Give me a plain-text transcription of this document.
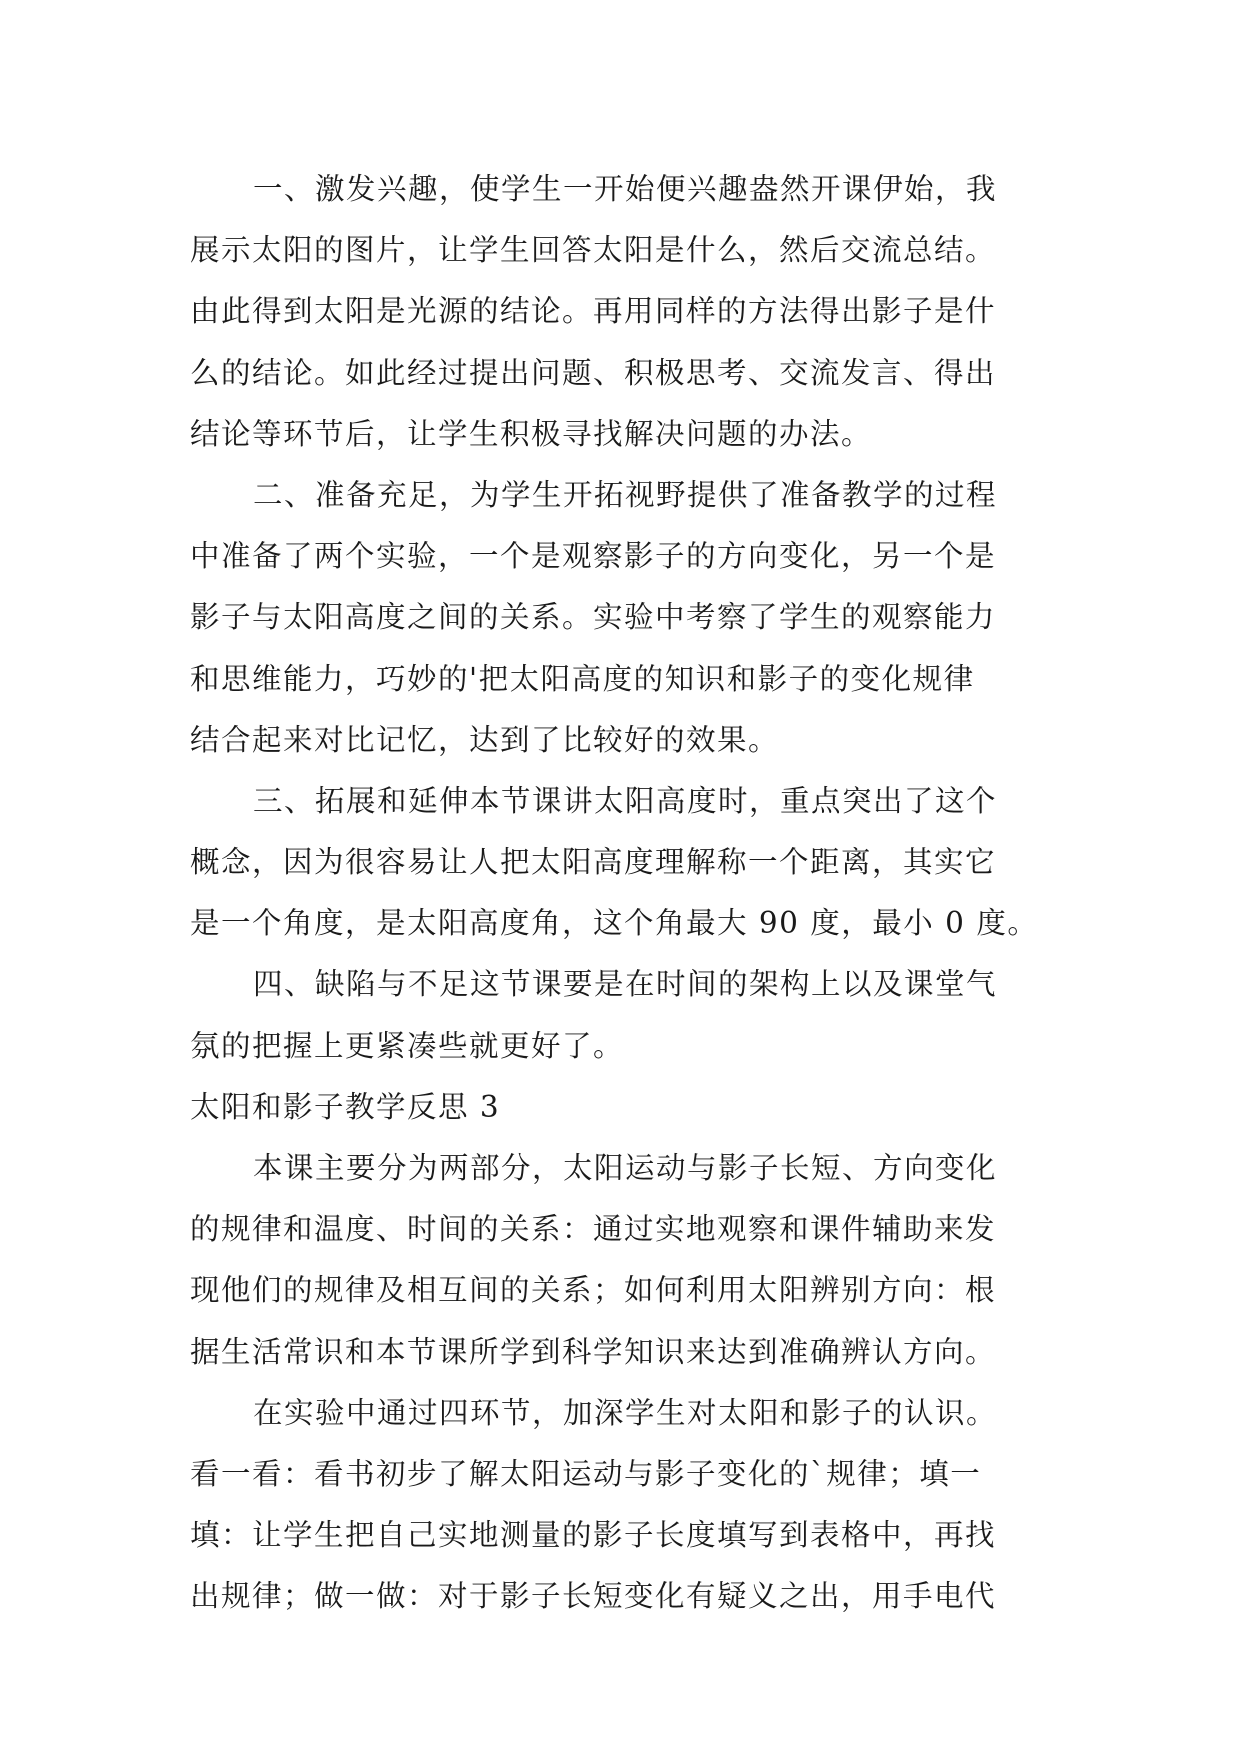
一、激发兴趣，使学生一开始便兴趣盎然开课伊始，我
展示太阳的图片，让学生回答太阳是什么，然后交流总结。
由此得到太阳是光源的结论。再用同样的方法得出影子是什
么的结论。如此经过提出问题、积极思考、交流发言、得出
结论等环节后，让学生积极寻找解决问题的办法。
二、准备充足，为学生开拓视野提供了准备教学的过程
中准备了两个实验，一个是观察影子的方向变化，另一个是
影子与太阳高度之间的关系。实验中考察了学生的观察能力
和思维能力，巧妙的'把太阳高度的知识和影子的变化规律
结合起来对比记忆，达到了比较好的效果。
三、拓展和延伸本节课讲太阳高度时，重点突出了这个
概念，因为很容易让人把太阳高度理解称一个距离，其实它
是一个角度，是太阳高度角，这个角最大 90 度，最小 0 度。
四、缺陷与不足这节课要是在时间的架构上以及课堂气
氛的把握上更紧凑些就更好了。
太阳和影子教学反思 3
本课主要分为两部分，太阳运动与影子长短、方向变化
的规律和温度、时间的关系：通过实地观察和课件辅助来发
现他们的规律及相互间的关系；如何利用太阳辨别方向：根
据生活常识和本节课所学到科学知识来达到准确辨认方向。
在实验中通过四环节，加深学生对太阳和影子的认识。
看一看：看书初步了解太阳运动与影子变化的`规律；填一
填：让学生把自己实地测量的影子长度填写到表格中，再找
出规律；做一做：对于影子长短变化有疑义之出，用手电代
